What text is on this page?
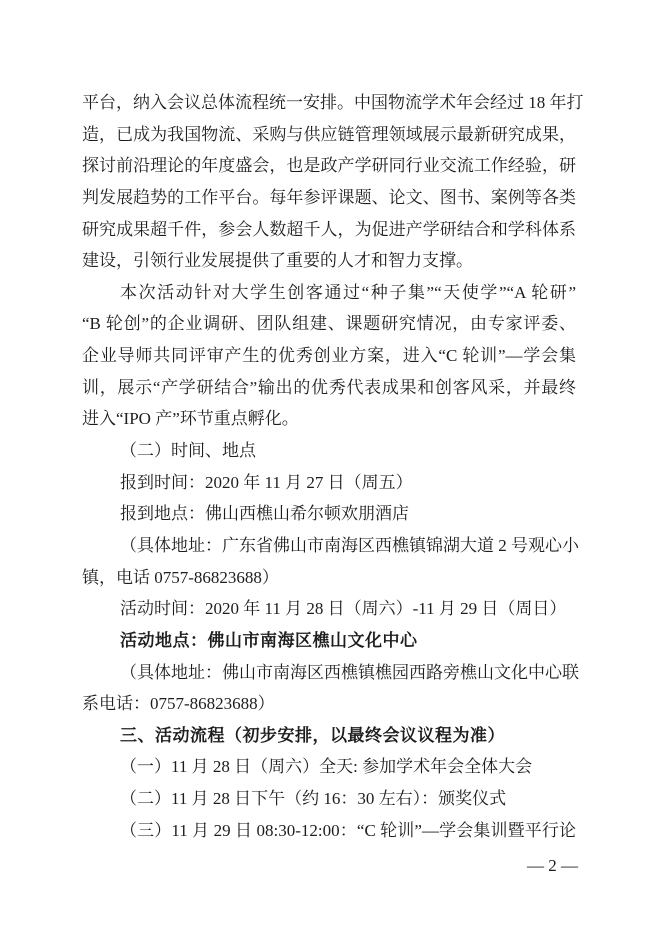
平台，纳入会议总体流程统一安排。中国物流学术年会经过 18 年打
造，已成为我国物流、采购与供应链管理领域展示最新研究成果，
探讨前沿理论的年度盛会，也是政产学研同行业交流工作经验，研
判发展趋势的工作平台。每年参评课题、论文、图书、案例等各类
研究成果超千件，参会人数超千人，为促进产学研结合和学科体系
建设，引领行业发展提供了重要的人才和智力支撑。
本次活动针对大学生创客通过“种子集”“天使学”“A 轮研”
“B 轮创”的企业调研、团队组建、课题研究情况，由专家评委、
企业导师共同评审产生的优秀创业方案，进入“C 轮训”—学会集
训，展示“产学研结合”输出的优秀代表成果和创客风采，并最终
进入“IPO 产”环节重点孵化。
（二）时间、地点
报到时间：2020 年 11 月 27 日（周五）
报到地点：佛山西樵山希尔顿欢朋酒店
（具体地址：广东省佛山市南海区西樵镇锦湖大道 2 号观心小
镇，电话 0757-86823688）
活动时间：2020 年 11 月 28 日（周六）-11 月 29 日（周日）
活动地点：佛山市南海区樵山文化中心
（具体地址：佛山市南海区西樵镇樵园西路旁樵山文化中心联
系电话：0757-86823688）
三、活动流程（初步安排，以最终会议议程为准）
（一）11 月 28 日（周六）全天: 参加学术年会全体大会
（二）11 月 28 日下午（约 16：30 左右）：颁奖仪式
（三）11 月 29 日 08:30-12:00：“C 轮训”—学会集训暨平行论
— 2 —
